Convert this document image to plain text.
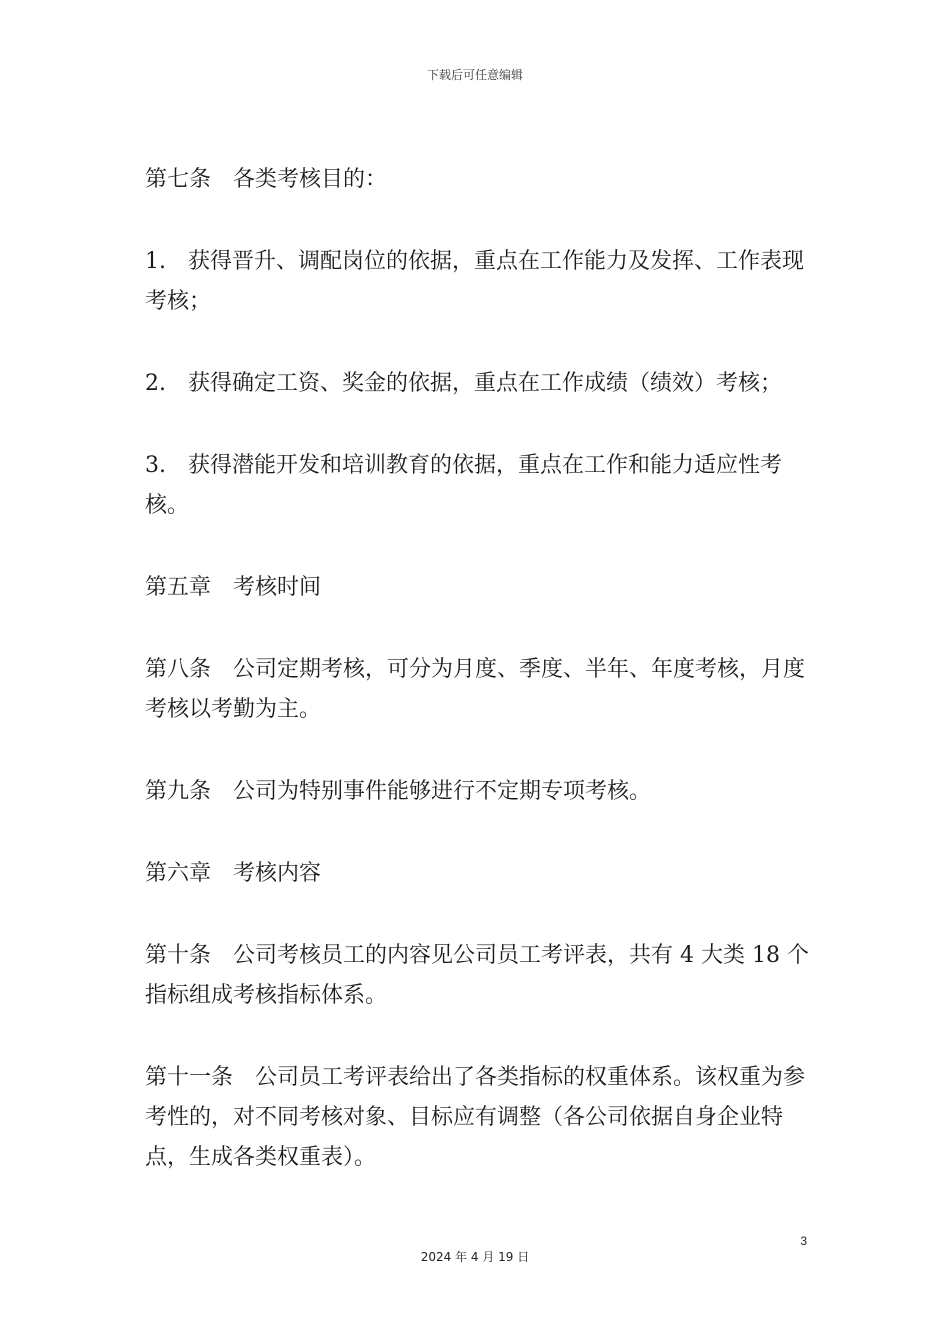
下载后可任意编辑

第七条　各类考核目的：

1.　获得晋升、调配岗位的依据，重点在工作能力及发挥、工作表现考核；

2.　获得确定工资、奖金的依据，重点在工作成绩（绩效）考核；

3.　获得潜能开发和培训教育的依据，重点在工作和能力适应性考核。

第五章　考核时间

第八条　公司定期考核，可分为月度、季度、半年、年度考核，月度考核以考勤为主。

第九条　公司为特别事件能够进行不定期专项考核。

第六章　考核内容

第十条　公司考核员工的内容见公司员工考评表，共有 4 大类 18 个指标组成考核指标体系。

第十一条　公司员工考评表给出了各类指标的权重体系。该权重为参考性的，对不同考核对象、目标应有调整（各公司依据自身企业特点，生成各类权重表）。

3
2024 年 4 月 19 日
